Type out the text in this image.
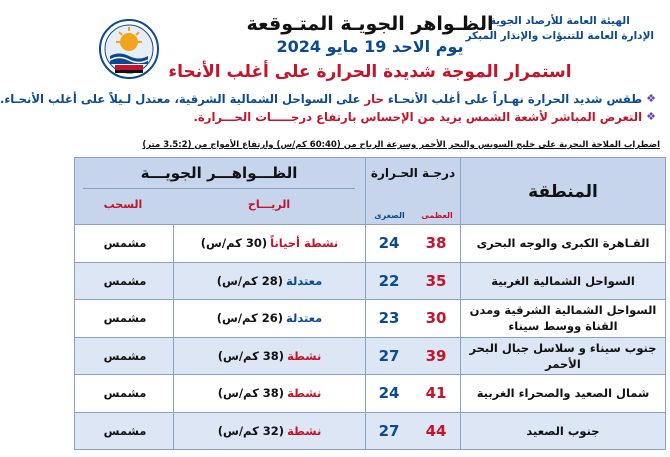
الهيئة العامة للأرصاد الجوية
الإدارة العامة للتنبؤات والإنذار المبكر
الظـواهر الجويـة المتـوقعة
يوم الاحد 19 مايو 2024
استمرار الموجة شديدة الحرارة على أغلب الأنحاء
❖
طقس شديد الحرارة نهـاراً على أغلب الأنحـاء
حار
على السواحل الشمالية الشرقية، معتدل لـيلاً على أغلب الأنحـاء.
❖
التعرض المباشر لأشعة الشمس يزيد من الإحساس بارتفاع درجـــــات الحـــرارة.
اضطراب الملاحة البحرية على خليج السويس والبحر الأحمر وسرعة الرياح من (60:40 كم/س) وارتفاع الأمواج من (3.5:2 متر)
المنطقة
درجـة الحـرارة
العظمى
الصغرى
الظـــواهـــر الجويـــة
الريـــاح
السحب
القـاهرة الكبرى والوجه البحرى
38
24
نشطة أحياناً
(30 كم/س)
مشمس
السواحل الشمالية الغربية
35
22
معتدلة
(28 كم/س)
مشمس
السواحل الشمالية الشرقية ومدن القناة ووسط سيناء
30
23
معتدلة
(26 كم/س)
مشمس
جنوب سيناء و سلاسل جبال البحر الأحمر
39
27
نشطة
(38 كم/س)
مشمس
شمال الصعيد والصحراء الغربية
41
24
نشطة
(38 كم/س)
مشمس
جنوب الصعيد
44
27
نشطة
(32 كم/س)
مشمس
